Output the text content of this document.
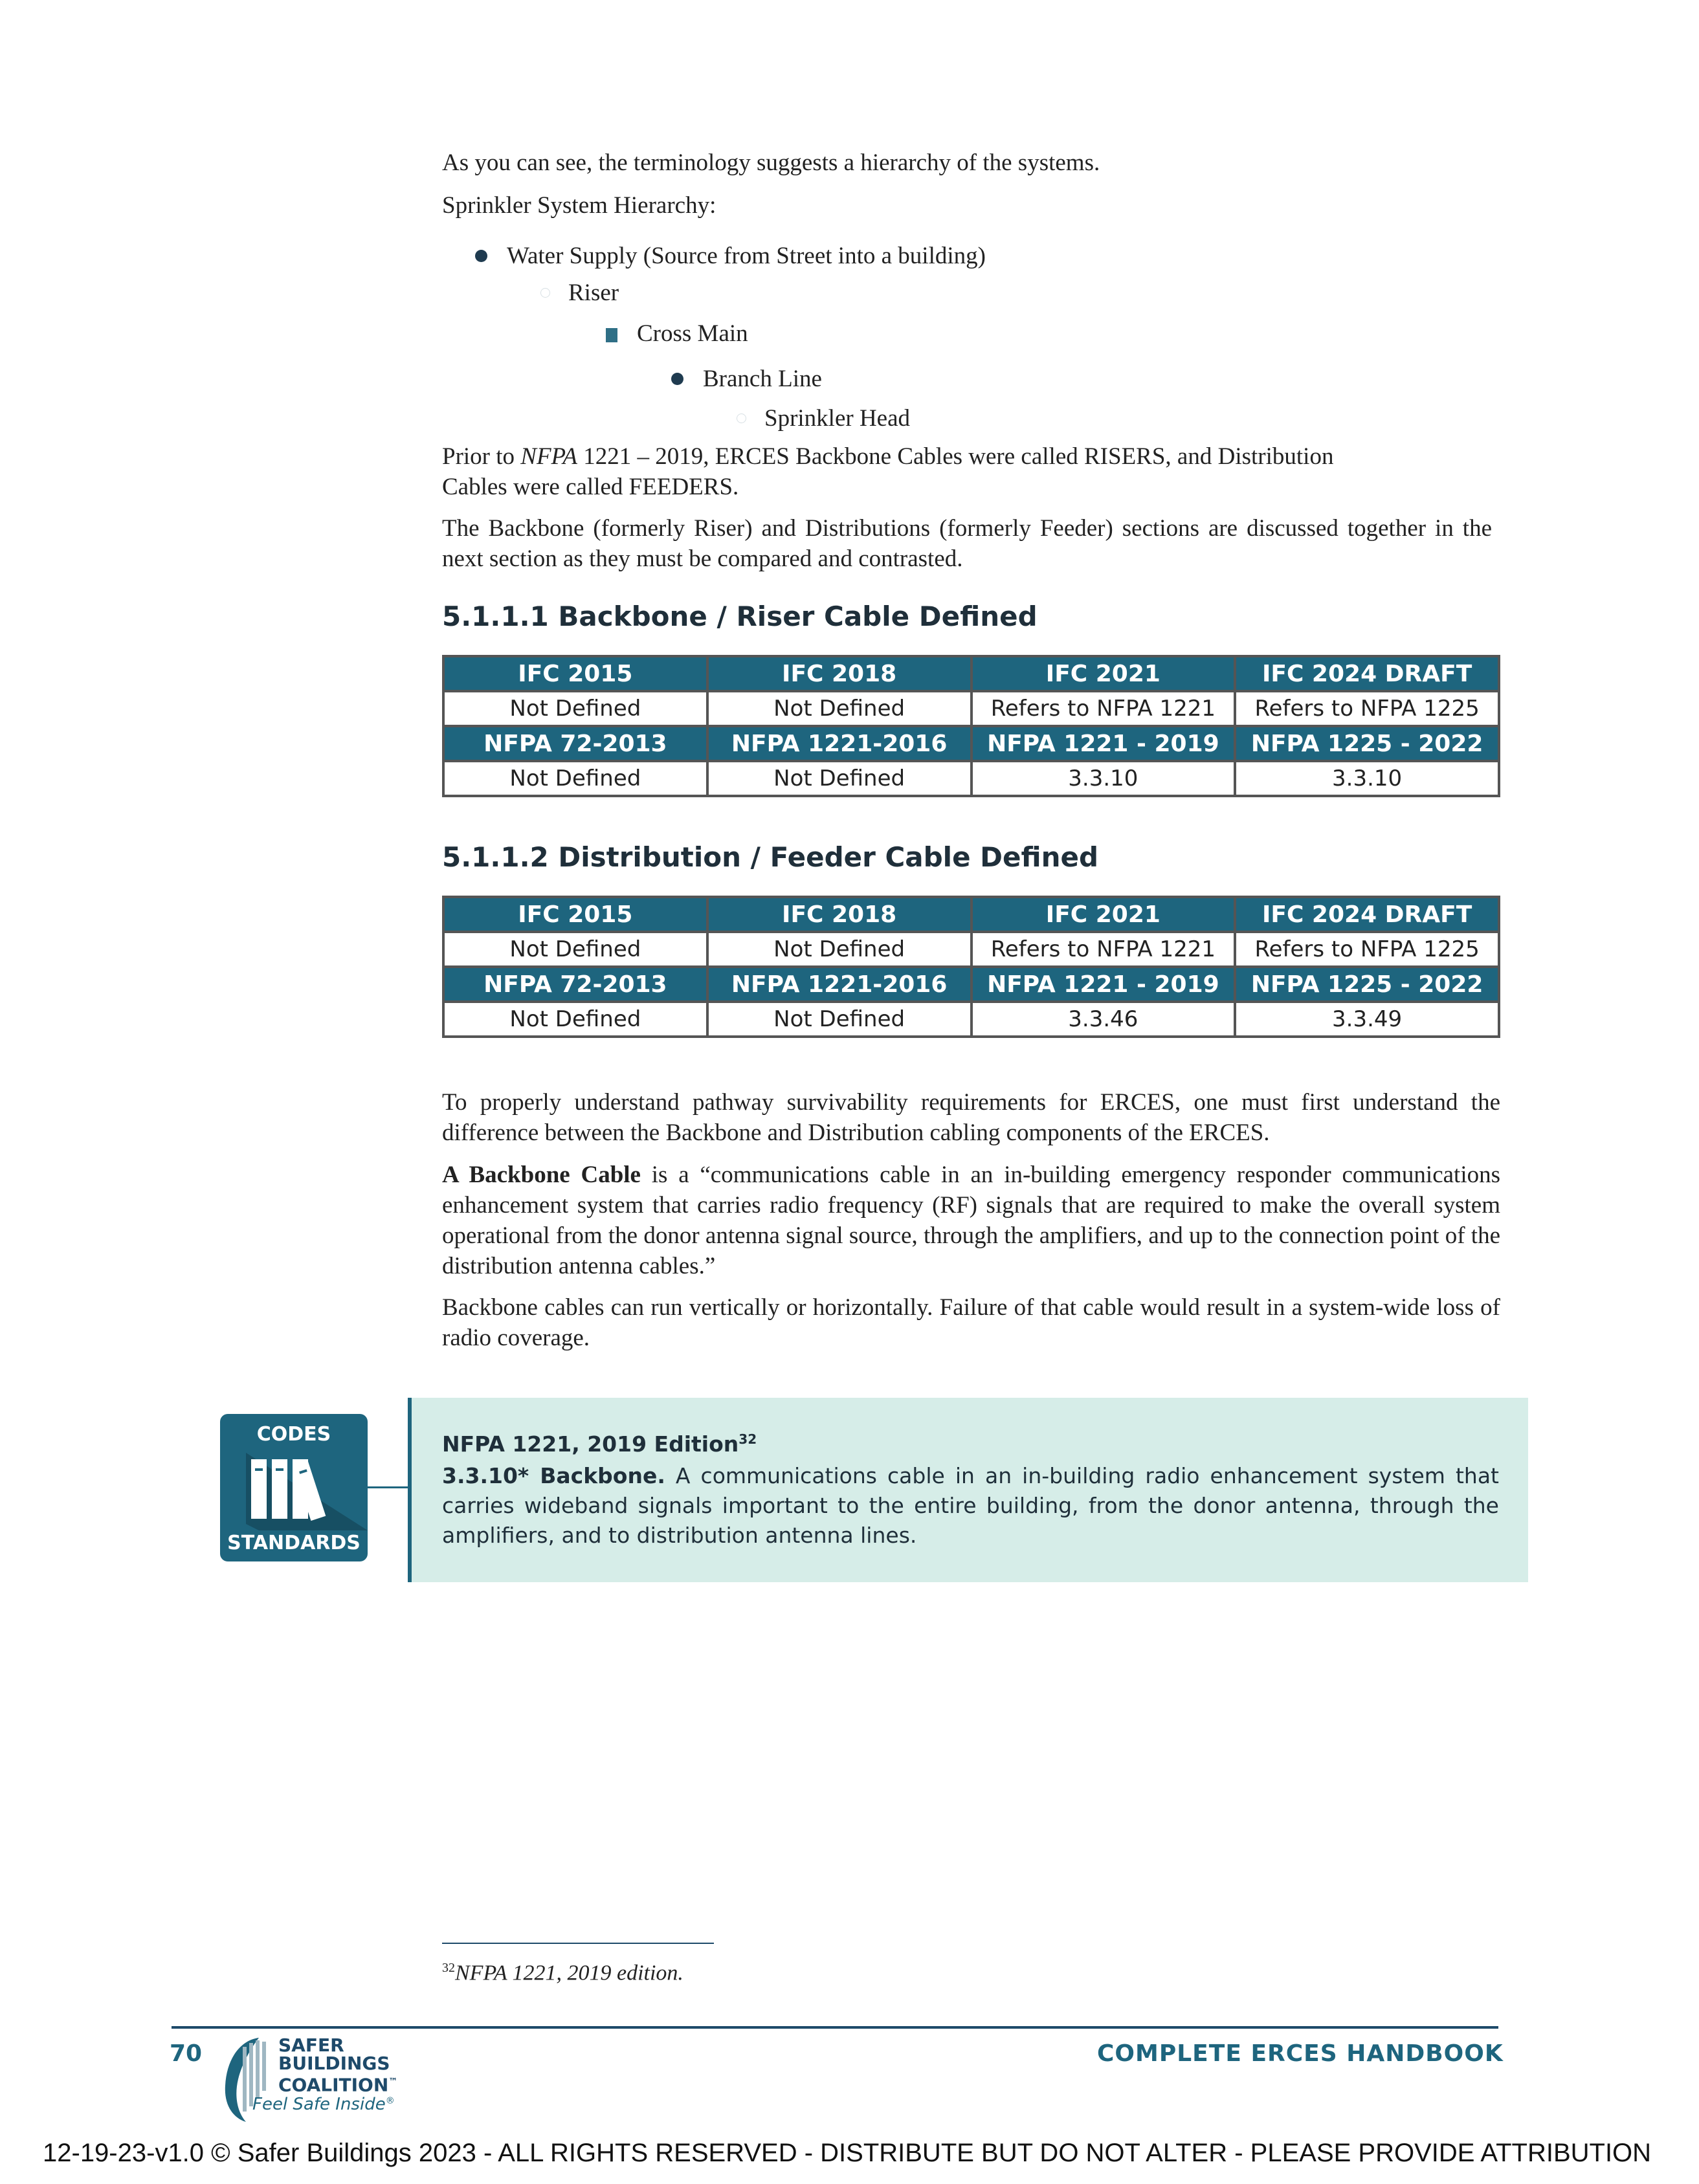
As you can see, the terminology suggests a hierarchy of the systems.
Sprinkler System Hierarchy:
Water Supply (Source from Street into a building)
Riser
Cross Main
Branch Line
Sprinkler Head
Prior to NFPA 1221 – 2019, ERCES Backbone Cables were called RISERS, and Distribution
Cables were called FEEDERS.
The Backbone (formerly Riser) and Distributions (formerly Feeder) sections are discussed together in the next section as they must be compared and contrasted.
5.1.1.1 Backbone / Riser Cable Defined
IFC 2015	IFC 2018	IFC 2021	IFC 2024 DRAFT
Not Defined	Not Defined	Refers to NFPA 1221	Refers to NFPA 1225
NFPA 72-2013	NFPA 1221-2016	NFPA 1221 - 2019	NFPA 1225 - 2022
Not Defined	Not Defined	3.3.10	3.3.10
5.1.1.2 Distribution / Feeder Cable Defined
IFC 2015	IFC 2018	IFC 2021	IFC 2024 DRAFT
Not Defined	Not Defined	Refers to NFPA 1221	Refers to NFPA 1225
NFPA 72-2013	NFPA 1221-2016	NFPA 1221 - 2019	NFPA 1225 - 2022
Not Defined	Not Defined	3.3.46	3.3.49
To properly understand pathway survivability requirements for ERCES, one must first understand the difference between the Backbone and Distribution cabling components of the ERCES.
A Backbone Cable is a “communications cable in an in-building emergency responder communications enhancement system that carries radio frequency (RF) signals that are required to make the overall system operational from the donor antenna signal source, through the amplifiers, and up to the connection point of the distribution antenna cables.”
Backbone cables can run vertically or horizontally. Failure of that cable would result in a system-wide loss of radio coverage.
CODES
STANDARDS
NFPA 1221, 2019 Edition$^{32}$
3.3.10* Backbone. A communications cable in an in-building radio enhancement system that carries wideband signals important to the entire building, from the donor antenna, through the amplifiers, and to distribution antenna lines.
$^{32}$NFPA 1221, 2019 edition.
70	SAFER
BUILDINGS
COALITION™
Feel Safe Inside®
COMPLETE ERCES HANDBOOK
12-19-23-v1.0 © Safer Buildings 2023 - ALL RIGHTS RESERVED - DISTRIBUTE BUT DO NOT ALTER - PLEASE PROVIDE ATTRIBUTION
